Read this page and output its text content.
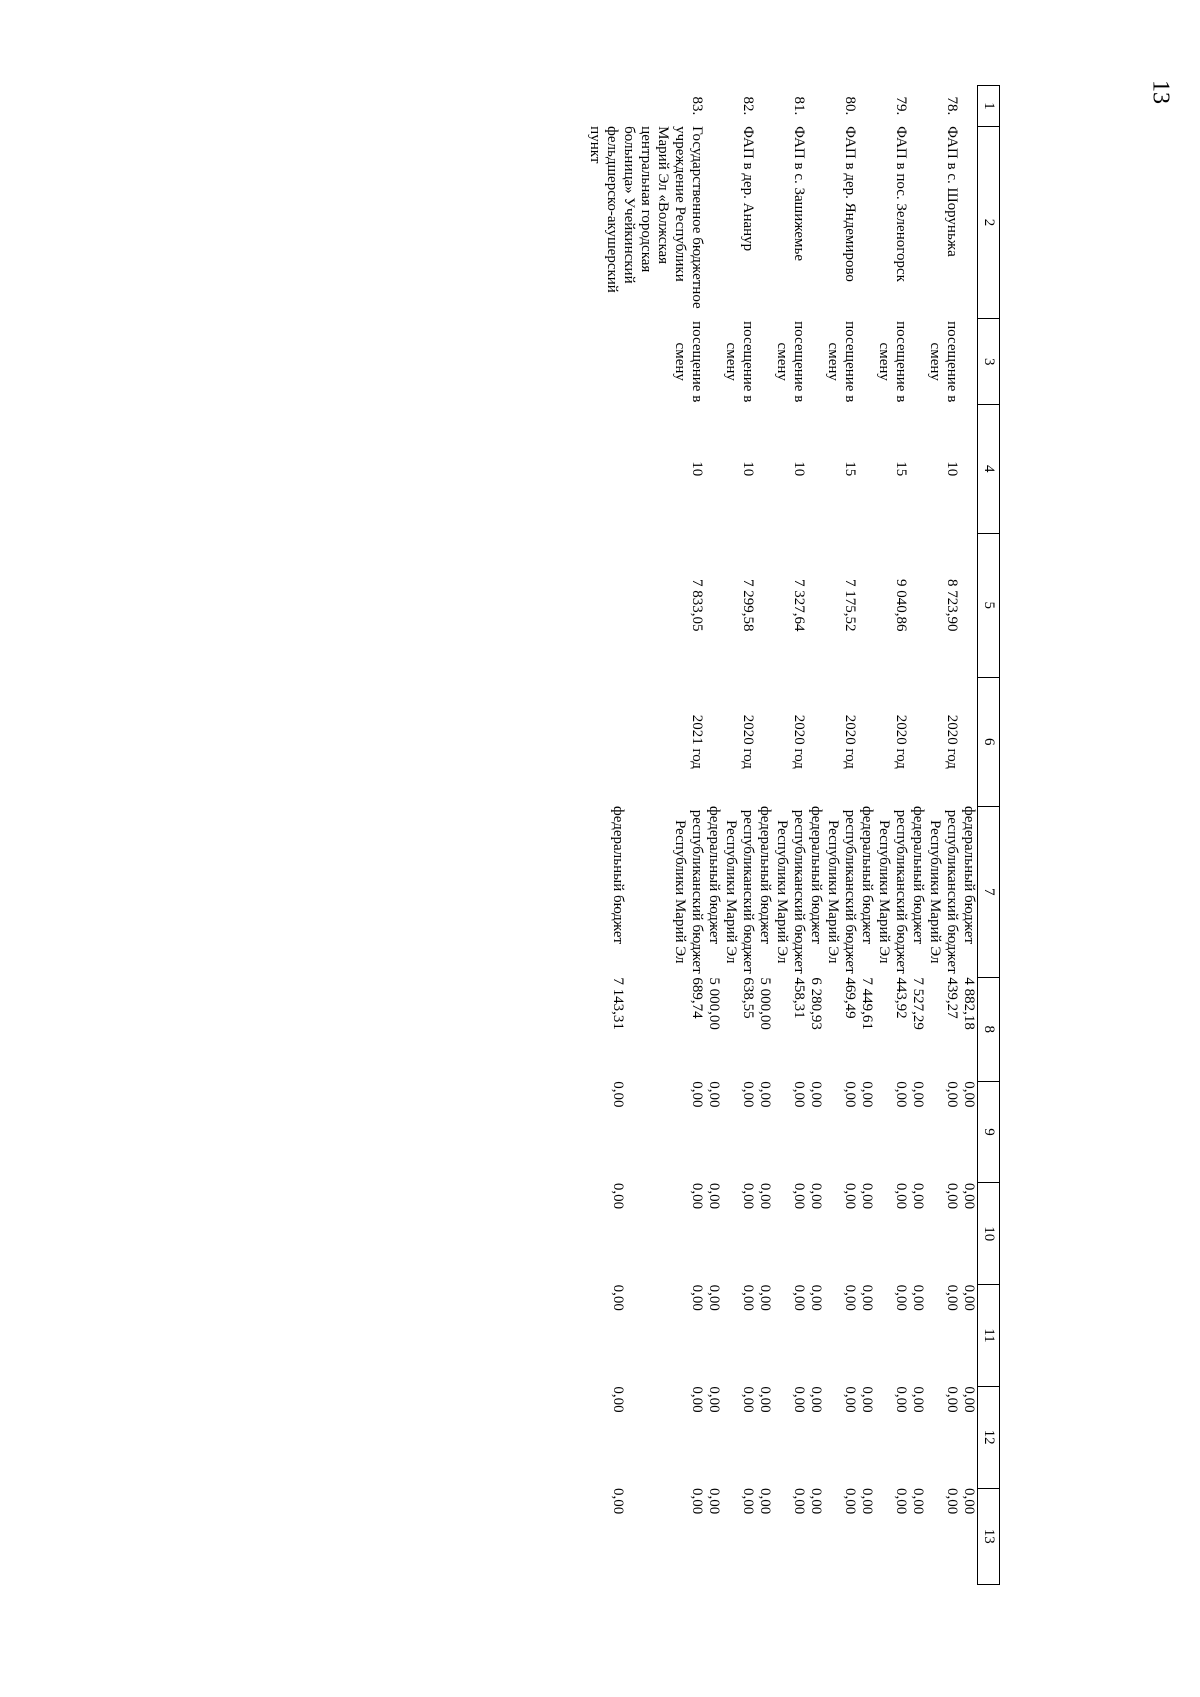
13
1	2	3	4	5	6	7	8	9	10	11	12	13
						федеральный бюджет	4 882,18	0,00	0,00	0,00	0,00	0,00
78.	ФАП в с. Шоруньжа	посещение в смену	10	8 723,90	2020 год	республиканский бюджет Республики Марий Эл	439,27	0,00	0,00	0,00	0,00	0,00
						федеральный бюджет	7 527,29	0,00	0,00	0,00	0,00	0,00
79.	ФАП в пос. Зеленогорск	посещение в смену	15	9 040,86	2020 год	республиканский бюджет Республики Марий Эл	443,92	0,00	0,00	0,00	0,00	0,00
						федеральный бюджет	7 449,61	0,00	0,00	0,00	0,00	0,00
80.	ФАП в дер. Яндемирово	посещение в смену	15	7 175,52	2020 год	республиканский бюджет Республики Марий Эл	469,49	0,00	0,00	0,00	0,00	0,00
						федеральный бюджет	6 280,93	0,00	0,00	0,00	0,00	0,00
81.	ФАП в с. Зашижемье	посещение в смену	10	7 327,64	2020 год	республиканский бюджет Республики Марий Эл	458,31	0,00	0,00	0,00	0,00	0,00
						федеральный бюджет	5 000,00	0,00	0,00	0,00	0,00	0,00
82.	ФАП в дер. Ананур	посещение в смену	10	7 299,58	2020 год	республиканский бюджет Республики Марий Эл	638,55	0,00	0,00	0,00	0,00	0,00
						федеральный бюджет	5 000,00	0,00	0,00	0,00	0,00	0,00
83.	Государственное бюджетное учреждение Республики Марий Эл «Волжская центральная городская больница» Учейкинский фельдшерско-акушерский пункт	посещение в смену	10	7 833,05	2021 год	республиканский бюджет Республики Марий Эл	689,74	0,00	0,00	0,00	0,00	0,00
						федеральный бюджет	7 143,31	0,00	0,00	0,00	0,00	0,00
